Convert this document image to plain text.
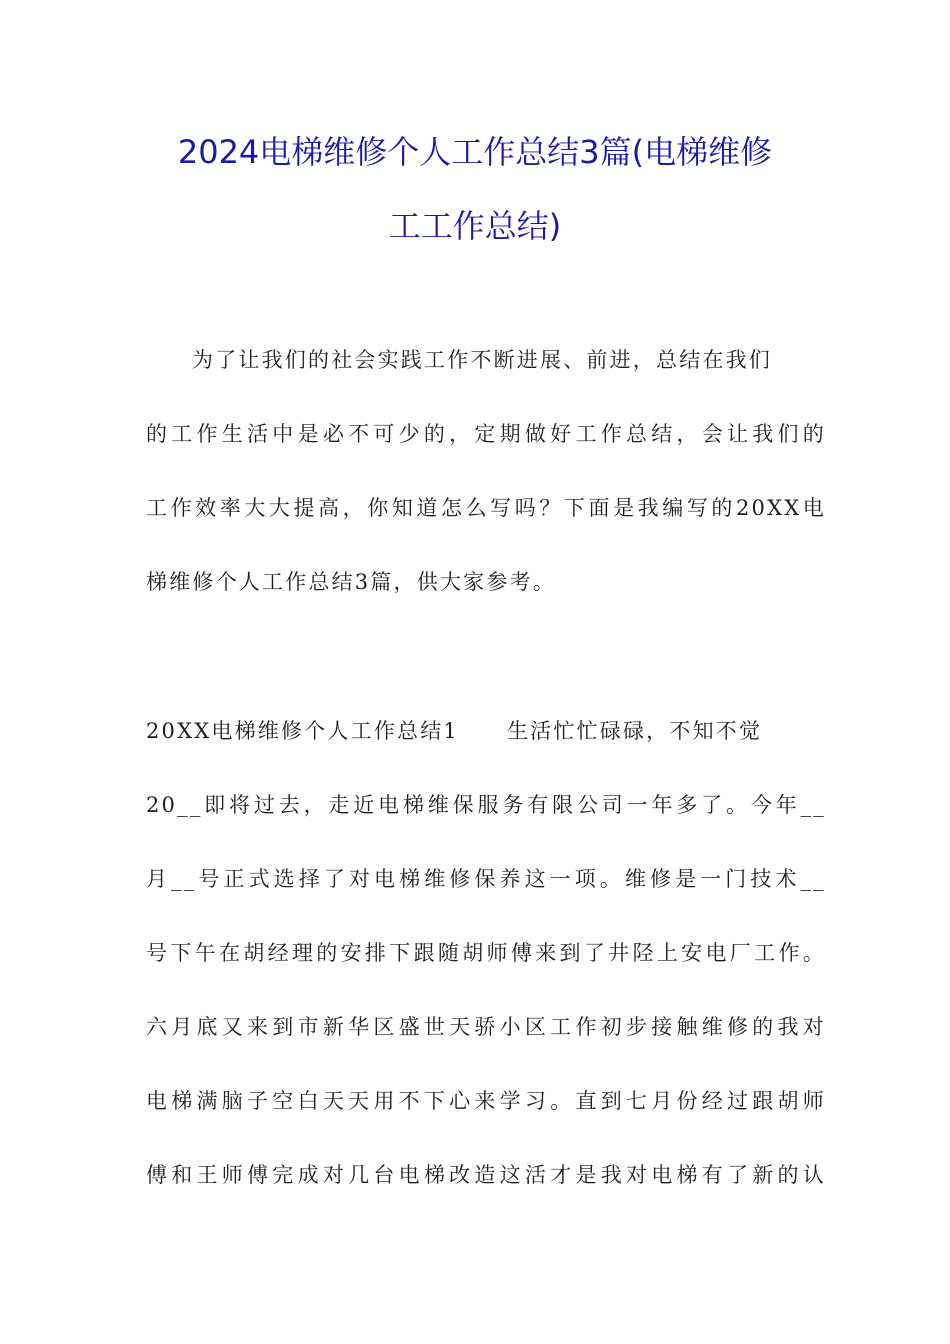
2024电梯维修个人工作总结3篇(电梯维修
工工作总结)
为了让我们的社会实践工作不断进展、前进，总结在我们
的工作生活中是必不可少的，定期做好工作总结，会让我们的
工作效率大大提高，你知道怎么写吗？下面是我编写的20XX电
梯维修个人工作总结3篇，供大家参考。
20XX电梯维修个人工作总结1 生活忙忙碌碌，不知不觉
20__即将过去，走近电梯维保服务有限公司一年多了。今年__
月__号正式选择了对电梯维修保养这一项。维修是一门技术__
号下午在胡经理的安排下跟随胡师傅来到了井陉上安电厂工作。
六月底又来到市新华区盛世天骄小区工作初步接触维修的我对
电梯满脑子空白天天用不下心来学习。直到七月份经过跟胡师
傅和王师傅完成对几台电梯改造这活才是我对电梯有了新的认
